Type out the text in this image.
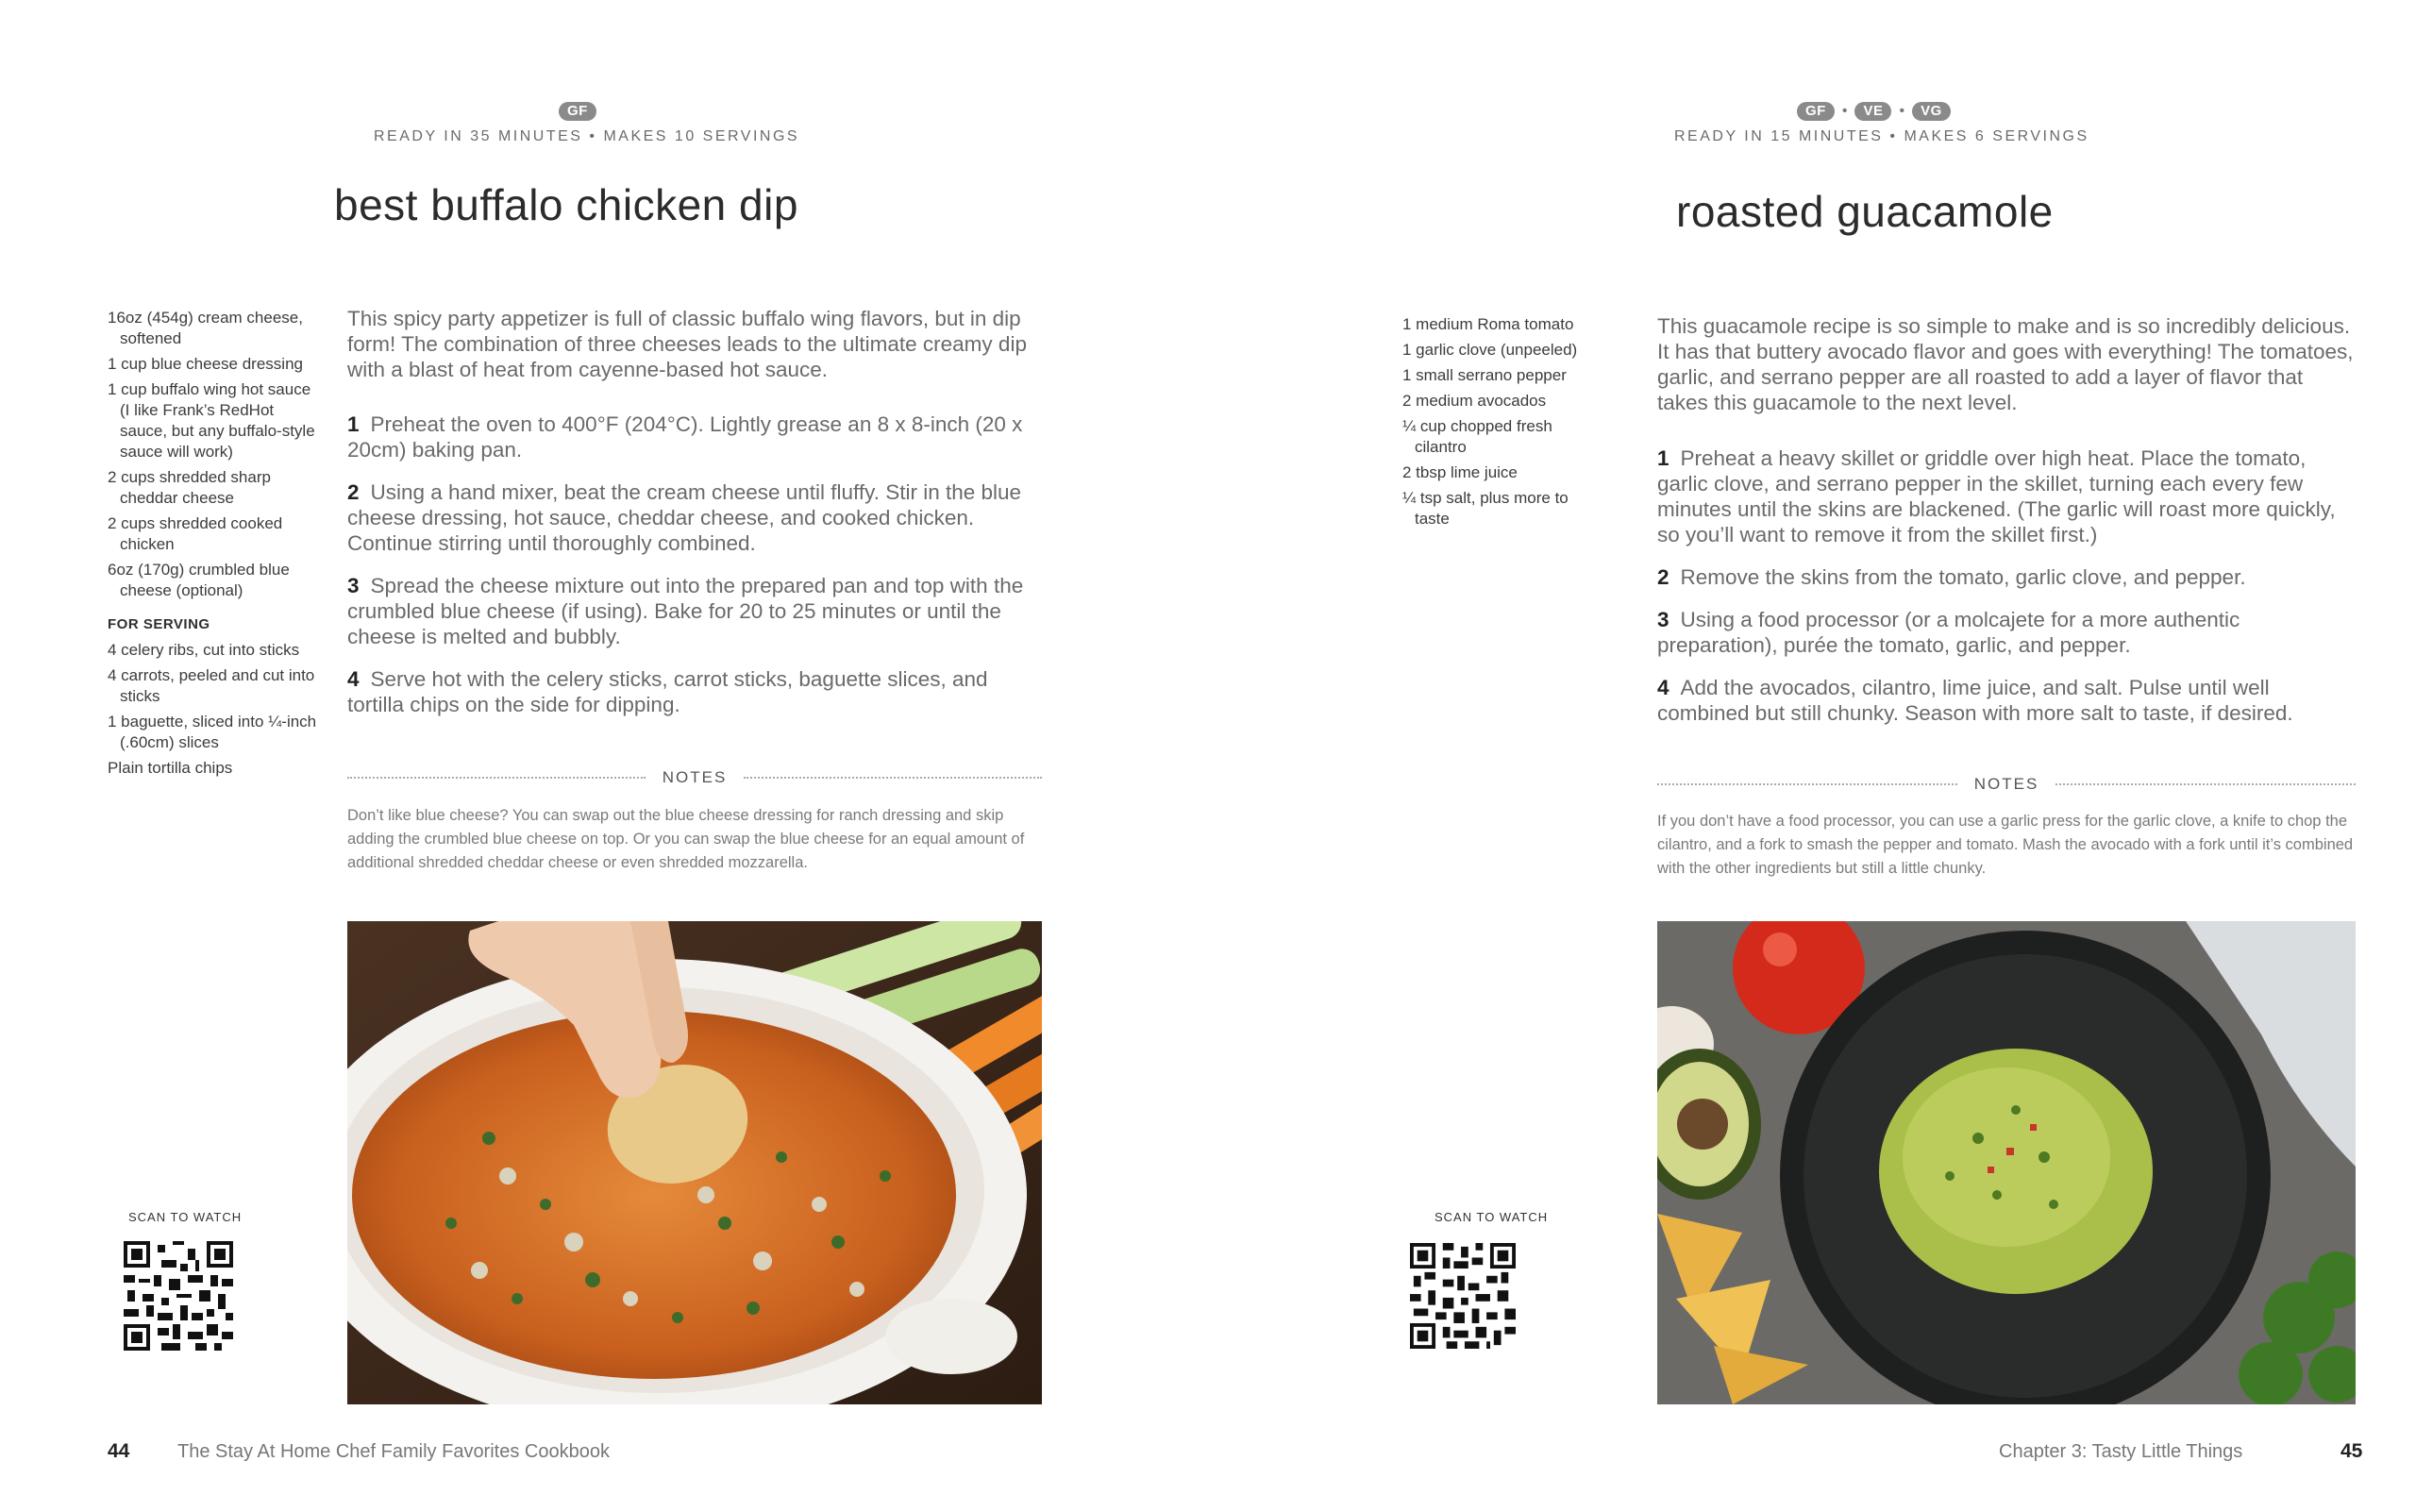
GF
READY IN 35 MINUTES • MAKES 10 SERVINGS
best buffalo chicken dip
16oz (454g) cream cheese, softened
1 cup blue cheese dressing
1 cup buffalo wing hot sauce (I like Frank’s RedHot sauce, but any buffalo-style sauce will work)
2 cups shredded sharp cheddar cheese
2 cups shredded cooked chicken
6oz (170g) crumbled blue cheese (optional)
FOR SERVING
4 celery ribs, cut into sticks
4 carrots, peeled and cut into sticks
1 baguette, sliced into ¼-inch (.60cm) slices
Plain tortilla chips

This spicy party appetizer is full of classic buffalo wing flavors, but in dip form! The combination of three cheeses leads to the ultimate creamy dip with a blast of heat from cayenne-based hot sauce.

1 Preheat the oven to 400°F (204°C). Lightly grease an 8 x 8-inch (20 x 20cm) baking pan.
2 Using a hand mixer, beat the cream cheese until fluffy. Stir in the blue cheese dressing, hot sauce, cheddar cheese, and cooked chicken. Continue stirring until thoroughly combined.
3 Spread the cheese mixture out into the prepared pan and top with the crumbled blue cheese (if using). Bake for 20 to 25 minutes or until the cheese is melted and bubbly.
4 Serve hot with the celery sticks, carrot sticks, baguette slices, and tortilla chips on the side for dipping.
NOTES

Don’t like blue cheese? You can swap out the blue cheese dressing for ranch dressing and skip adding the crumbled blue cheese on top. Or you can swap the blue cheese for an equal amount of additional shredded cheddar cheese or even shredded mozzarella.

SCAN TO WATCH
44	The Stay At Home Chef Family Favorites Cookbook
GF	•	VE	•	VG
READY IN 15 MINUTES • MAKES 6 SERVINGS
roasted guacamole
1 medium Roma tomato
1 garlic clove (unpeeled)
1 small serrano pepper
2 medium avocados
¼ cup chopped fresh cilantro
2 tbsp lime juice
¼ tsp salt, plus more to taste

This guacamole recipe is so simple to make and is so incredibly delicious. It has that buttery avocado flavor and goes with everything! The tomatoes, garlic, and serrano pepper are all roasted to add a layer of flavor that takes this guacamole to the next level.

1 Preheat a heavy skillet or griddle over high heat. Place the tomato, garlic clove, and serrano pepper in the skillet, turning each every few minutes until the skins are blackened. (The garlic will roast more quickly, so you’ll want to remove it from the skillet first.)
2 Remove the skins from the tomato, garlic clove, and pepper.
3 Using a food processor (or a molcajete for a more authentic preparation), purée the tomato, garlic, and pepper.
4 Add the avocados, cilantro, lime juice, and salt. Pulse until well combined but still chunky. Season with more salt to taste, if desired.
NOTES

If you don’t have a food processor, you can use a garlic press for the garlic clove, a knife to chop the cilantro, and a fork to smash the pepper and tomato. Mash the avocado with a fork until it’s combined with the other ingredients but still a little chunky.

SCAN TO WATCH
Chapter 3: Tasty Little Things	45
